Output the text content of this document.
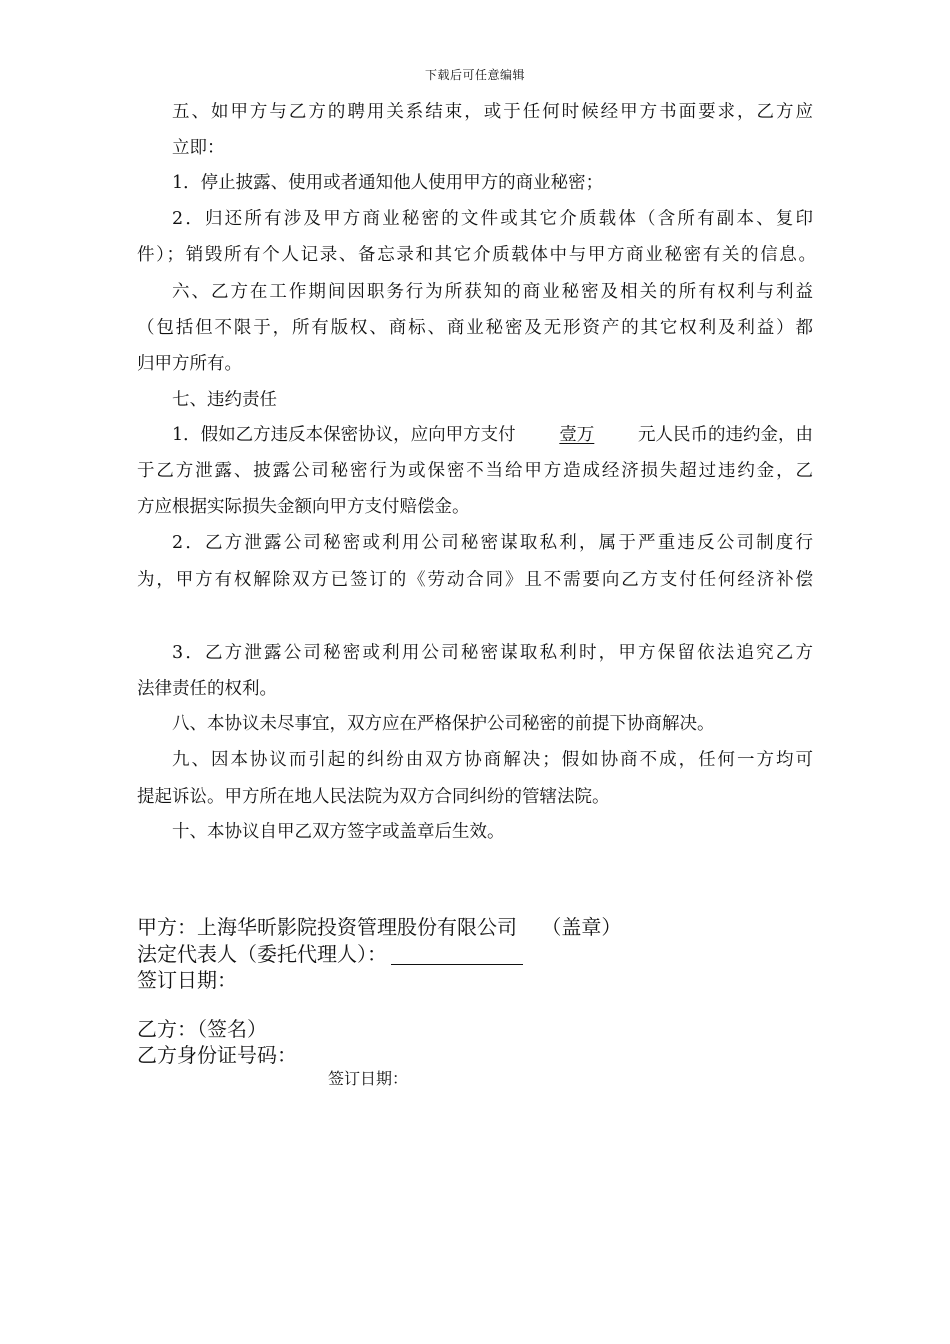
下载后可任意编辑
五、如甲方与乙方的聘用关系结束，或于任何时候经甲方书面要求，乙方应
立即：
1．停止披露、使用或者通知他人使用甲方的商业秘密；
2．归还所有涉及甲方商业秘密的文件或其它介质载体（含所有副本、复印
件）；销毁所有个人记录、备忘录和其它介质载体中与甲方商业秘密有关的信息。
六、乙方在工作期间因职务行为所获知的商业秘密及相关的所有权利与利益
（包括但不限于，所有版权、商标、商业秘密及无形资产的其它权利及利益）都
归甲方所有。
七、违约责任
1．假如乙方违反本保密协议，应向甲方支付	壹万	元人民币的违约金，由
于乙方泄露、披露公司秘密行为或保密不当给甲方造成经济损失超过违约金，乙
方应根据实际损失金额向甲方支付赔偿金。
2．乙方泄露公司秘密或利用公司秘密谋取私利，属于严重违反公司制度行
为，甲方有权解除双方已签订的《劳动合同》且不需要向乙方支付任何经济补偿
3．乙方泄露公司秘密或利用公司秘密谋取私利时，甲方保留依法追究乙方
法律责任的权利。
八、本协议未尽事宜，双方应在严格保护公司秘密的前提下协商解决。
九、因本协议而引起的纠纷由双方协商解决；假如协商不成，任何一方均可
提起诉讼。甲方所在地人民法院为双方合同纠纷的管辖法院。
十、本协议自甲乙双方签字或盖章后生效。
甲方：上海华昕影院投资管理股份有限公司 （盖章）
法定代表人（委托代理人）：
签订日期：
乙方：（签名）
乙方身份证号码：
签订日期：
